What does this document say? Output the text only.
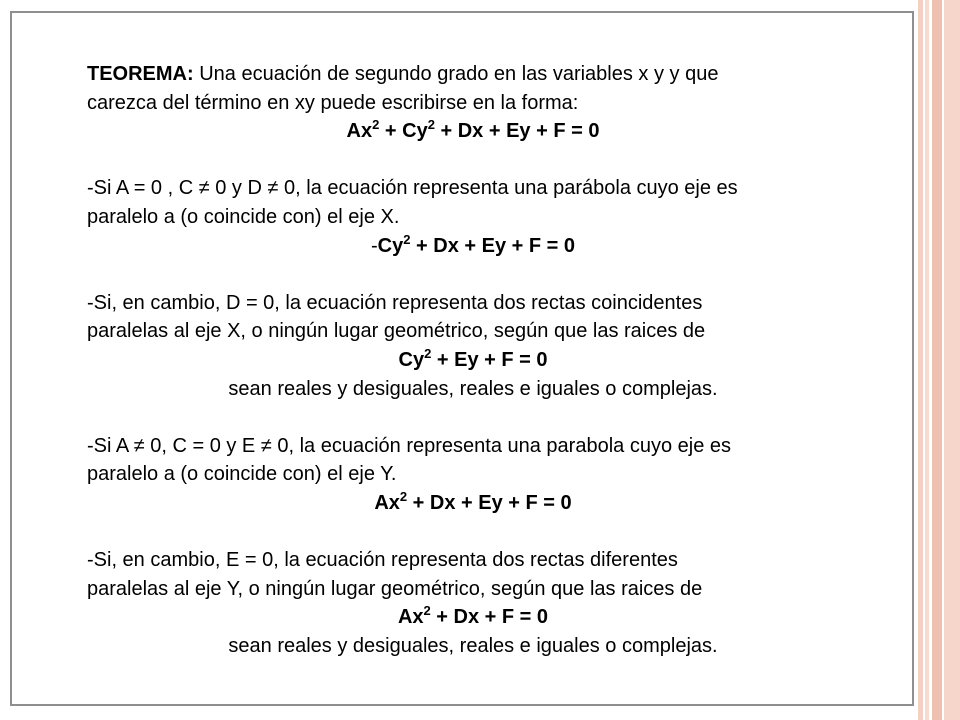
TEOREMA: Una ecuación de segundo grado en las variables x y y que
carezca del término en xy puede escribirse en la forma:

$Ax^2 + Cy^2 + Dx + Ey + F = 0$

-Si A = 0 , C ≠ 0 y D ≠ 0, la ecuación representa una parábola cuyo eje es
paralelo a (o coincide con) el eje X.

$-Cy^2 + Dx + Ey + F = 0$

-Si, en cambio, D = 0, la ecuación representa dos rectas coincidentes
paralelas al eje X, o ningún lugar geométrico, según que las raices de

$Cy^2 + Ey + F = 0$

sean reales y desiguales, reales e iguales o complejas.

-Si A ≠ 0, C = 0 y E ≠ 0, la ecuación representa una parabola cuyo eje es
paralelo a (o coincide con) el eje Y.

$Ax^2 + Dx + Ey + F = 0$

-Si, en cambio, E = 0, la ecuación representa dos rectas diferentes
paralelas al eje Y, o ningún lugar geométrico, según que las raices de

$Ax^2 + Dx + F = 0$

sean reales y desiguales, reales e iguales o complejas.
